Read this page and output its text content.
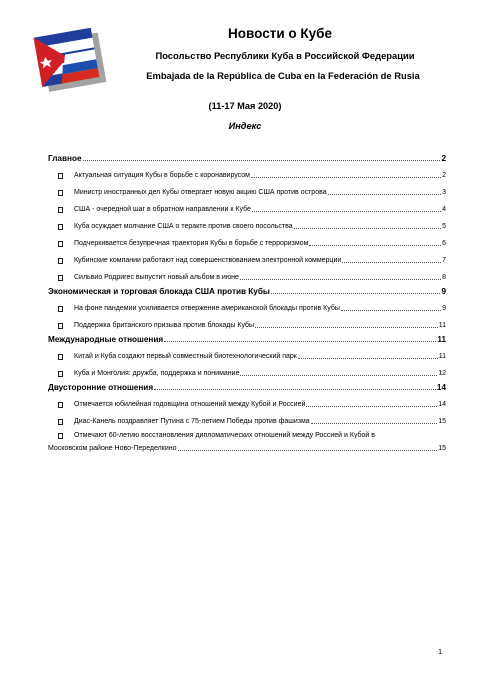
Новости о Кубе
Посольство Республики Куба в Российской Федерации
Embajada de la República de Cuba en la Federación de Rusia
(11-17 Мая 2020)
Индекс
Главное	2
Актуальная ситуация Кубы в борьбе с коронавирусом	2
Министр иностранных дел Кубы отвергает новую акцию США против острова	3
США - очередной шаг в обратном направлении к Кубе	4
Куба осуждает молчание США о теракте против своего посольства	5
Подчеркивается безупречная траектория Кубы в борьбе с терроризмом	6
Кубинские компании работают над совершенствованием электронной коммерции	7
Сильвио Родригес выпустит новый альбом в июне	8
Экономическая и торговая блокада США против Кубы	9
На фоне пандемии усиливается отвержение американской блокады против Кубы	9
Поддержка британского призыва против блокады Кубы	11
Международные отношения	11
Китай и Куба создают первый совместный биотехнологический парк	11
Куба и Монголия: дружба, поддержка и понимание	12
Двусторонние отношения	14
Отмечается юбилейная годовщина отношений между Кубой и Россией	14
Диас-Канель поздравляет Путина с 75-летием Победы против фашизма	15
Отмечают 60-летию восстановления дипломатических отношений между Россией и Кубой в
Московском районе Ново-Переделкино	15
1
